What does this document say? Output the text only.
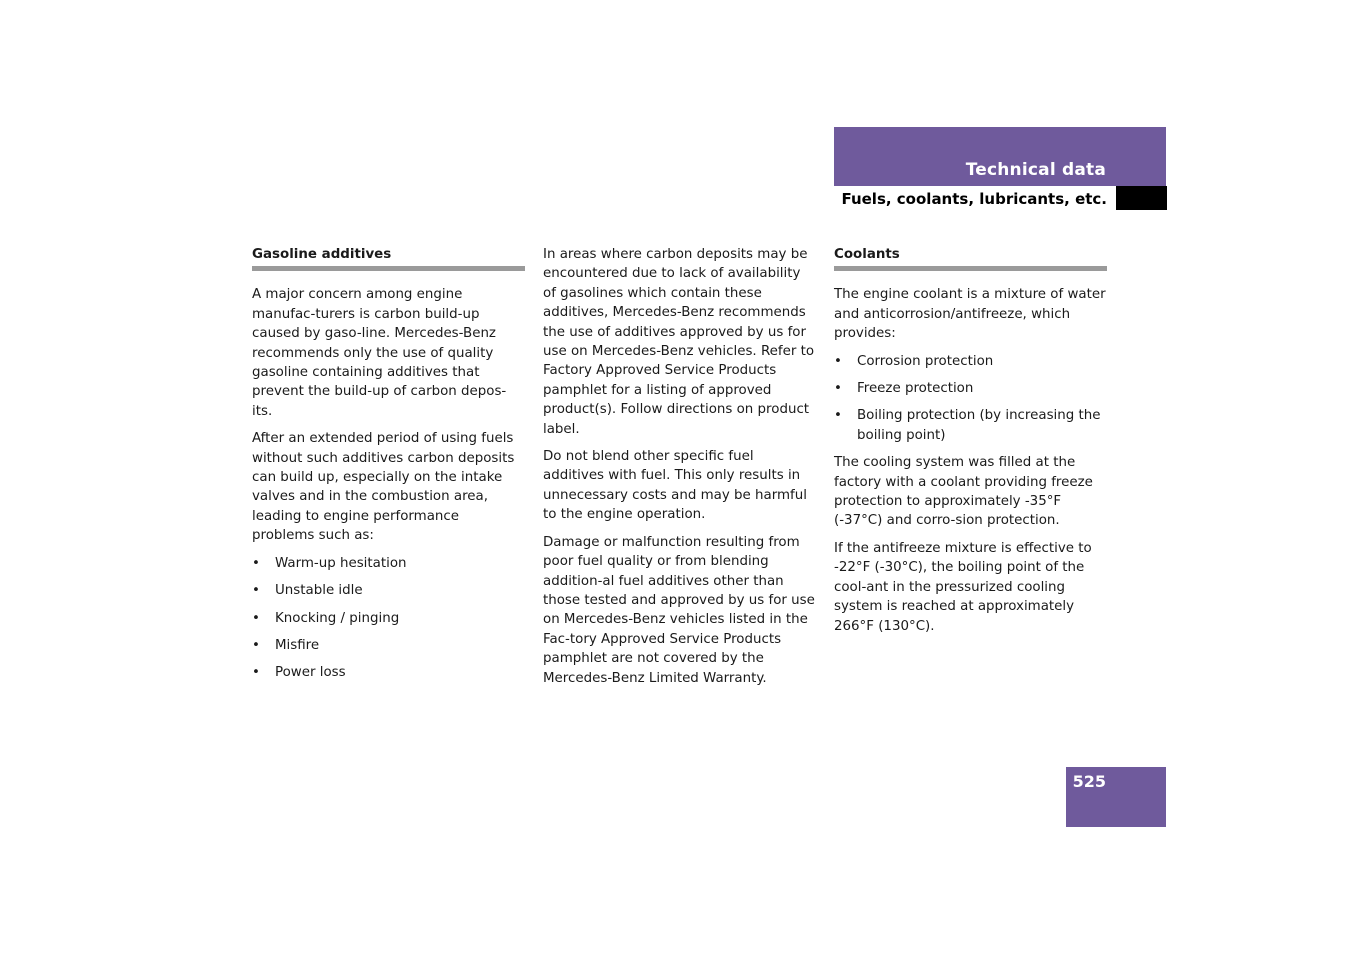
Technical data
Fuels, coolants, lubricants, etc.
Gasoline additives

A major concern among engine manufac-turers is carbon build-up caused by gaso-line. Mercedes-Benz recommends only the use of quality gasoline containing additives that prevent the build-up of carbon depos-its.

After an extended period of using fuels without such additives carbon deposits can build up, especially on the intake valves and in the combustion area, leading to engine performance problems such as:

• Warm-up hesitation
• Unstable idle
• Knocking / pinging
• Misfire
• Power loss

In areas where carbon deposits may be encountered due to lack of availability of gasolines which contain these additives, Mercedes-Benz recommends the use of additives approved by us for use on Mercedes-Benz vehicles. Refer to Factory Approved Service Products pamphlet for a listing of approved product(s). Follow directions on product label.

Do not blend other specific fuel additives with fuel. This only results in unnecessary costs and may be harmful to the engine operation.

Damage or malfunction resulting from poor fuel quality or from blending addition-al fuel additives other than those tested and approved by us for use on Mercedes-Benz vehicles listed in the Fac-tory Approved Service Products pamphlet are not covered by the Mercedes-Benz Limited Warranty.

Coolants

The engine coolant is a mixture of water and anticorrosion/antifreeze, which provides:

• Corrosion protection
• Freeze protection
• Boiling protection (by increasing the boiling point)

The cooling system was filled at the factory with a coolant providing freeze protection to approximately -35°F (-37°C) and corro-sion protection.

If the antifreeze mixture is effective to -22°F (-30°C), the boiling point of the cool-ant in the pressurized cooling system is reached at approximately 266°F (130°C).

525
